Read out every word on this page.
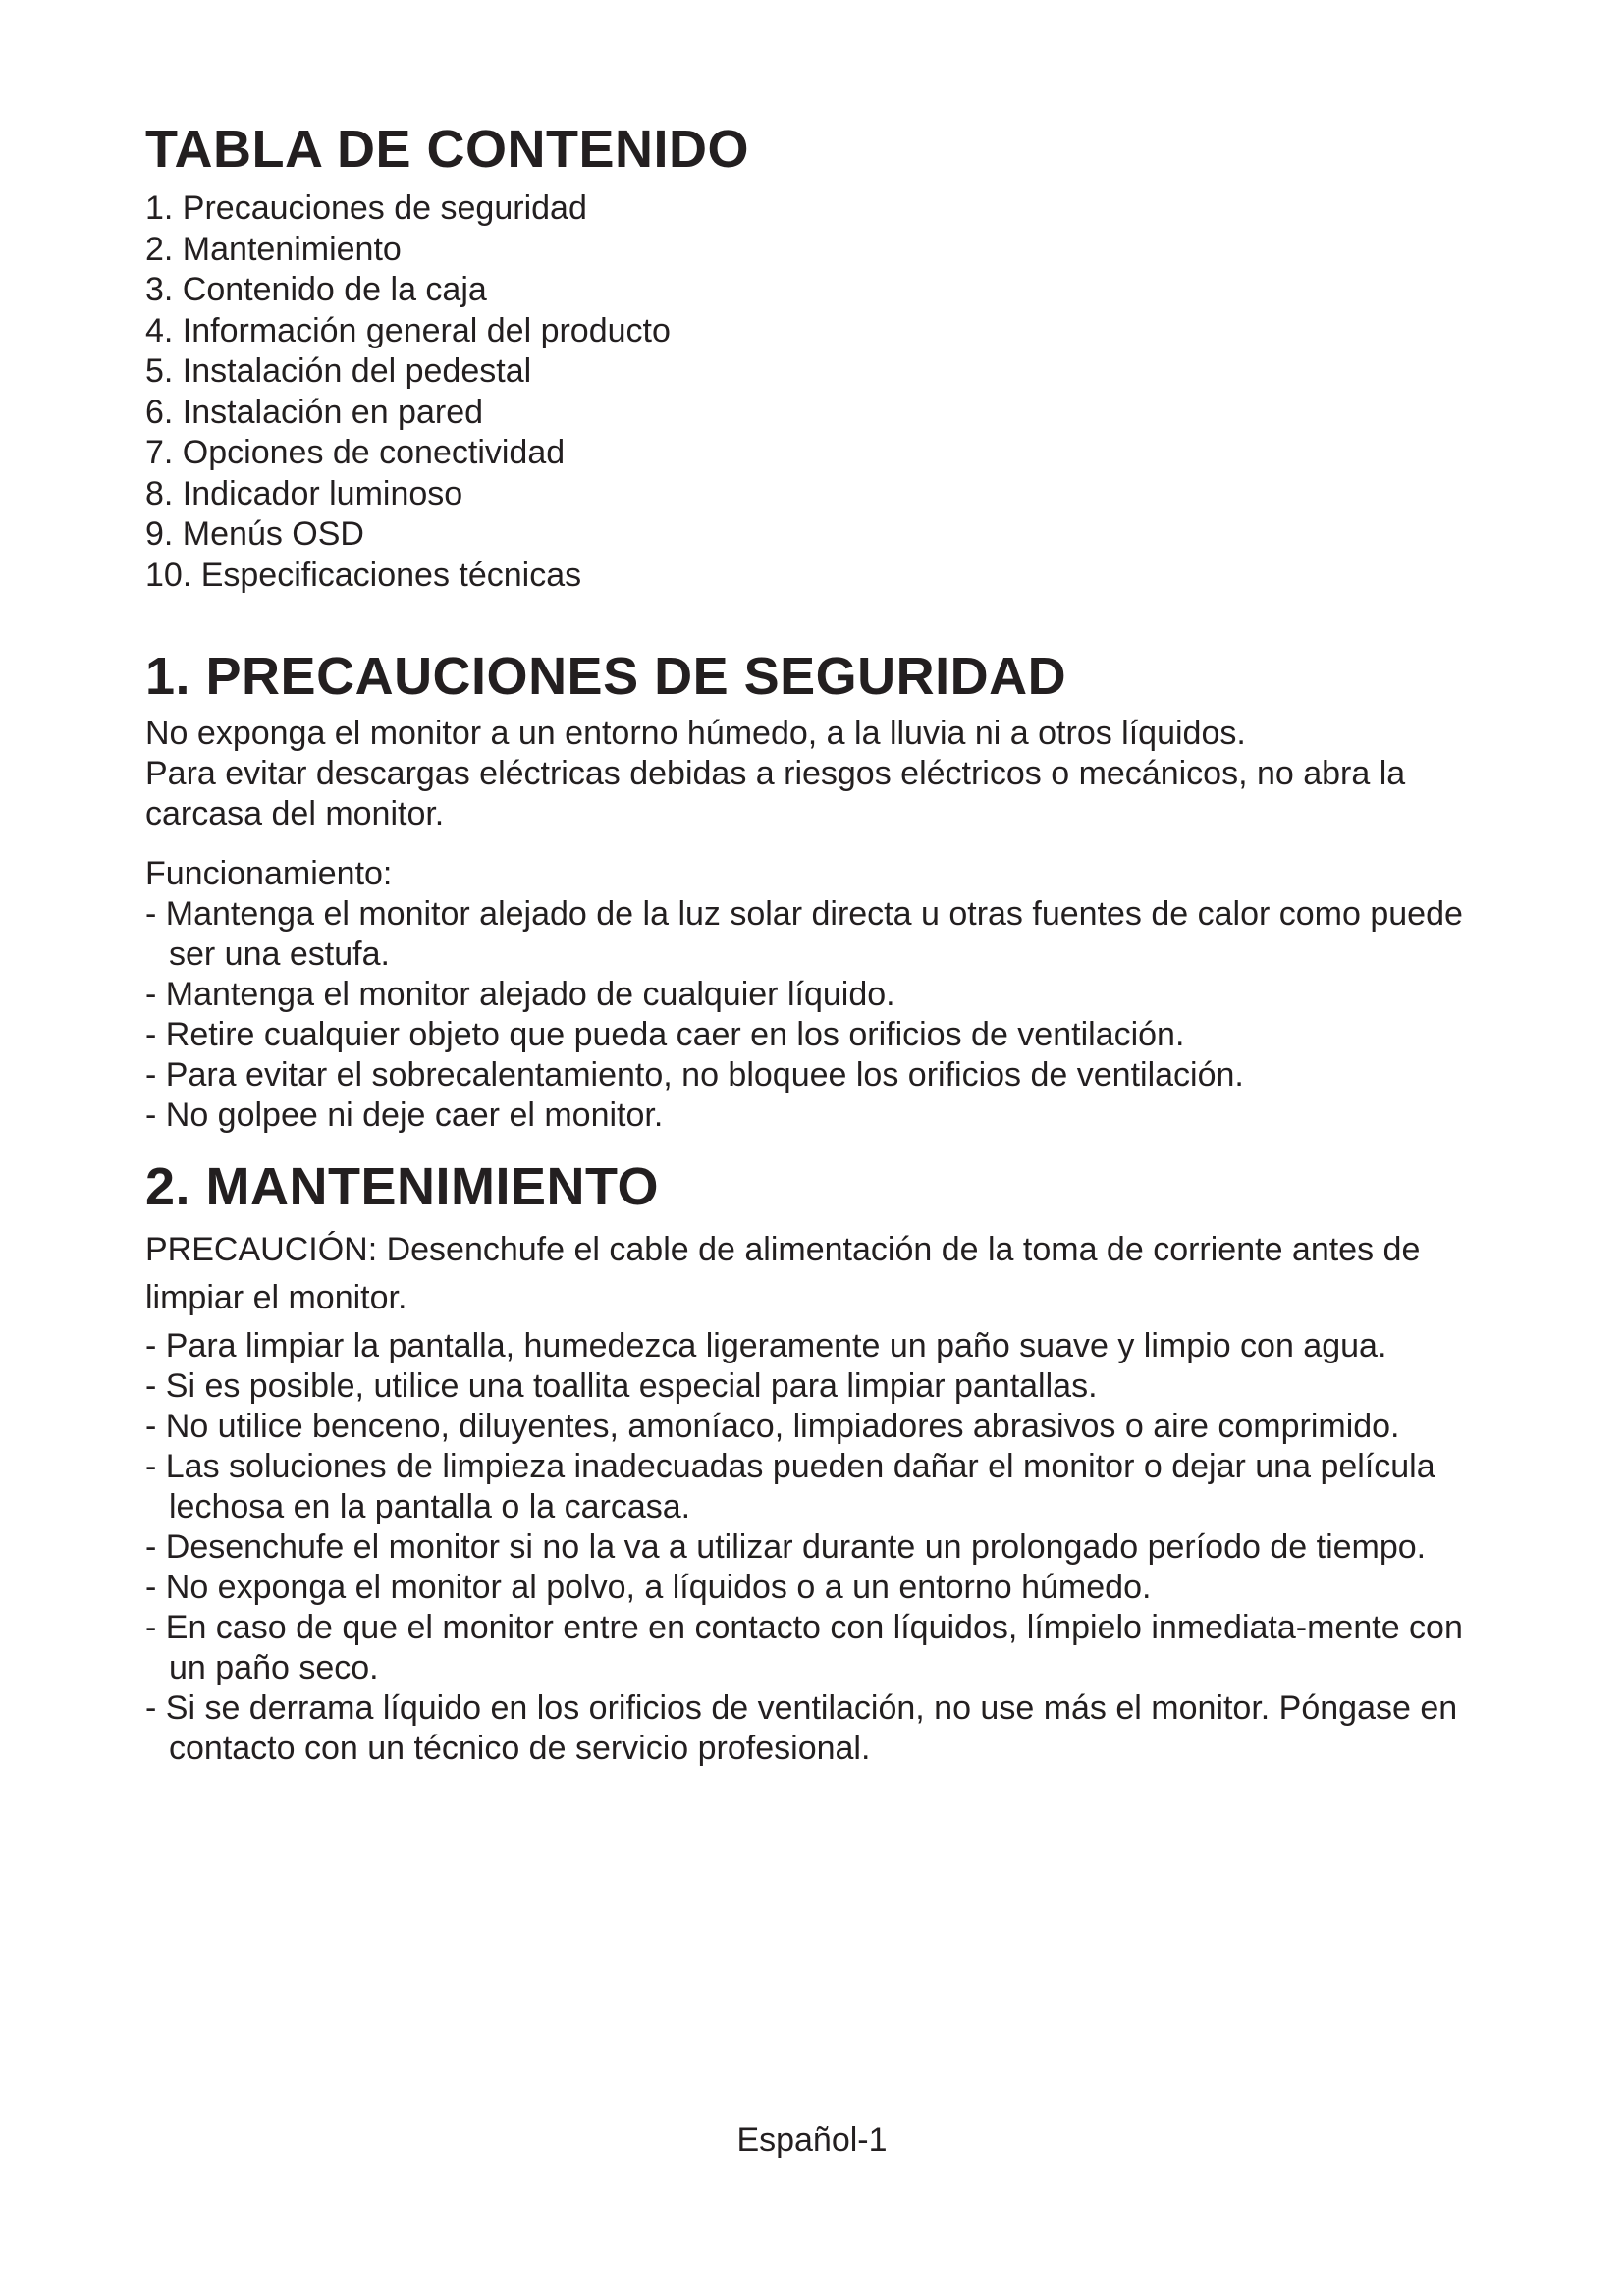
TABLA DE CONTENIDO
1. Precauciones de seguridad
2. Mantenimiento
3. Contenido de la caja
4. Información general del producto
5. Instalación del pedestal
6. Instalación en pared
7. Opciones de conectividad
8. Indicador luminoso
9. Menús OSD
10. Especificaciones técnicas
1. PRECAUCIONES DE SEGURIDAD

No exponga el monitor a un entorno húmedo, a la lluvia ni a otros líquidos.

Para evitar descargas eléctricas debidas a riesgos eléctricos o mecánicos, no abra la carcasa del monitor.

Funcionamiento:

- Mantenga el monitor alejado de la luz solar directa u otras fuentes de calor como puede ser una estufa.
- Mantenga el monitor alejado de cualquier líquido.
- Retire cualquier objeto que pueda caer en los orificios de ventilación.
- Para evitar el sobrecalentamiento, no bloquee los orificios de ventilación.
- No golpee ni deje caer el monitor.
2. MANTENIMIENTO

PRECAUCIÓN: Desenchufe el cable de alimentación de la toma de corriente antes de limpiar el monitor.

- Para limpiar la pantalla, humedezca ligeramente un paño suave y limpio con agua.
- Si es posible, utilice una toallita especial para limpiar pantallas.
- No utilice benceno, diluyentes, amoníaco, limpiadores abrasivos o aire comprimido.
- Las soluciones de limpieza inadecuadas pueden dañar el monitor o dejar una película lechosa en la pantalla o la carcasa.
- Desenchufe el monitor si no la va a utilizar durante un prolongado período de tiempo.
- No exponga el monitor al polvo, a líquidos o a un entorno húmedo.
- En caso de que el monitor entre en contacto con líquidos, límpielo inmediata-mente con un paño seco.
- Si se derrama líquido en los orificios de ventilación, no use más el monitor. Póngase en contacto con un técnico de servicio profesional.
Español-1
